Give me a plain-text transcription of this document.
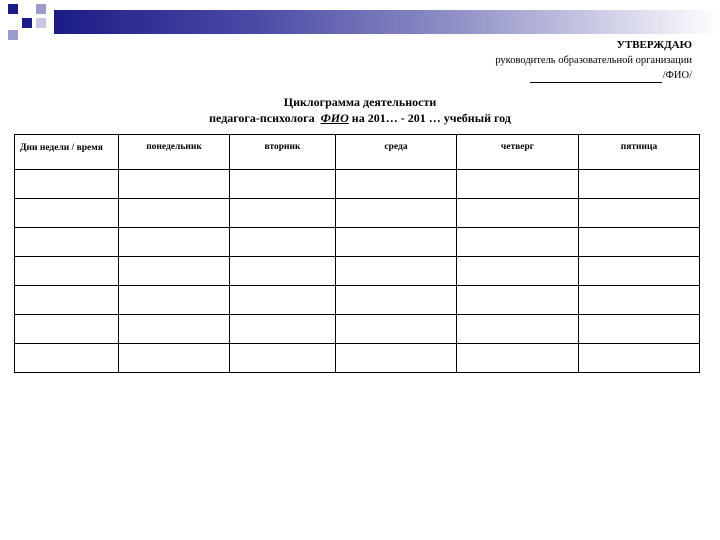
УТВЕРЖДАЮ
руководитель образовательной организации
/ФИО/
Циклограмма деятельности
педагога-психолога ФИО на 201… - 201 … учебный год
Дни недели / время	понедельник	вторник	среда	четверг	пятница
